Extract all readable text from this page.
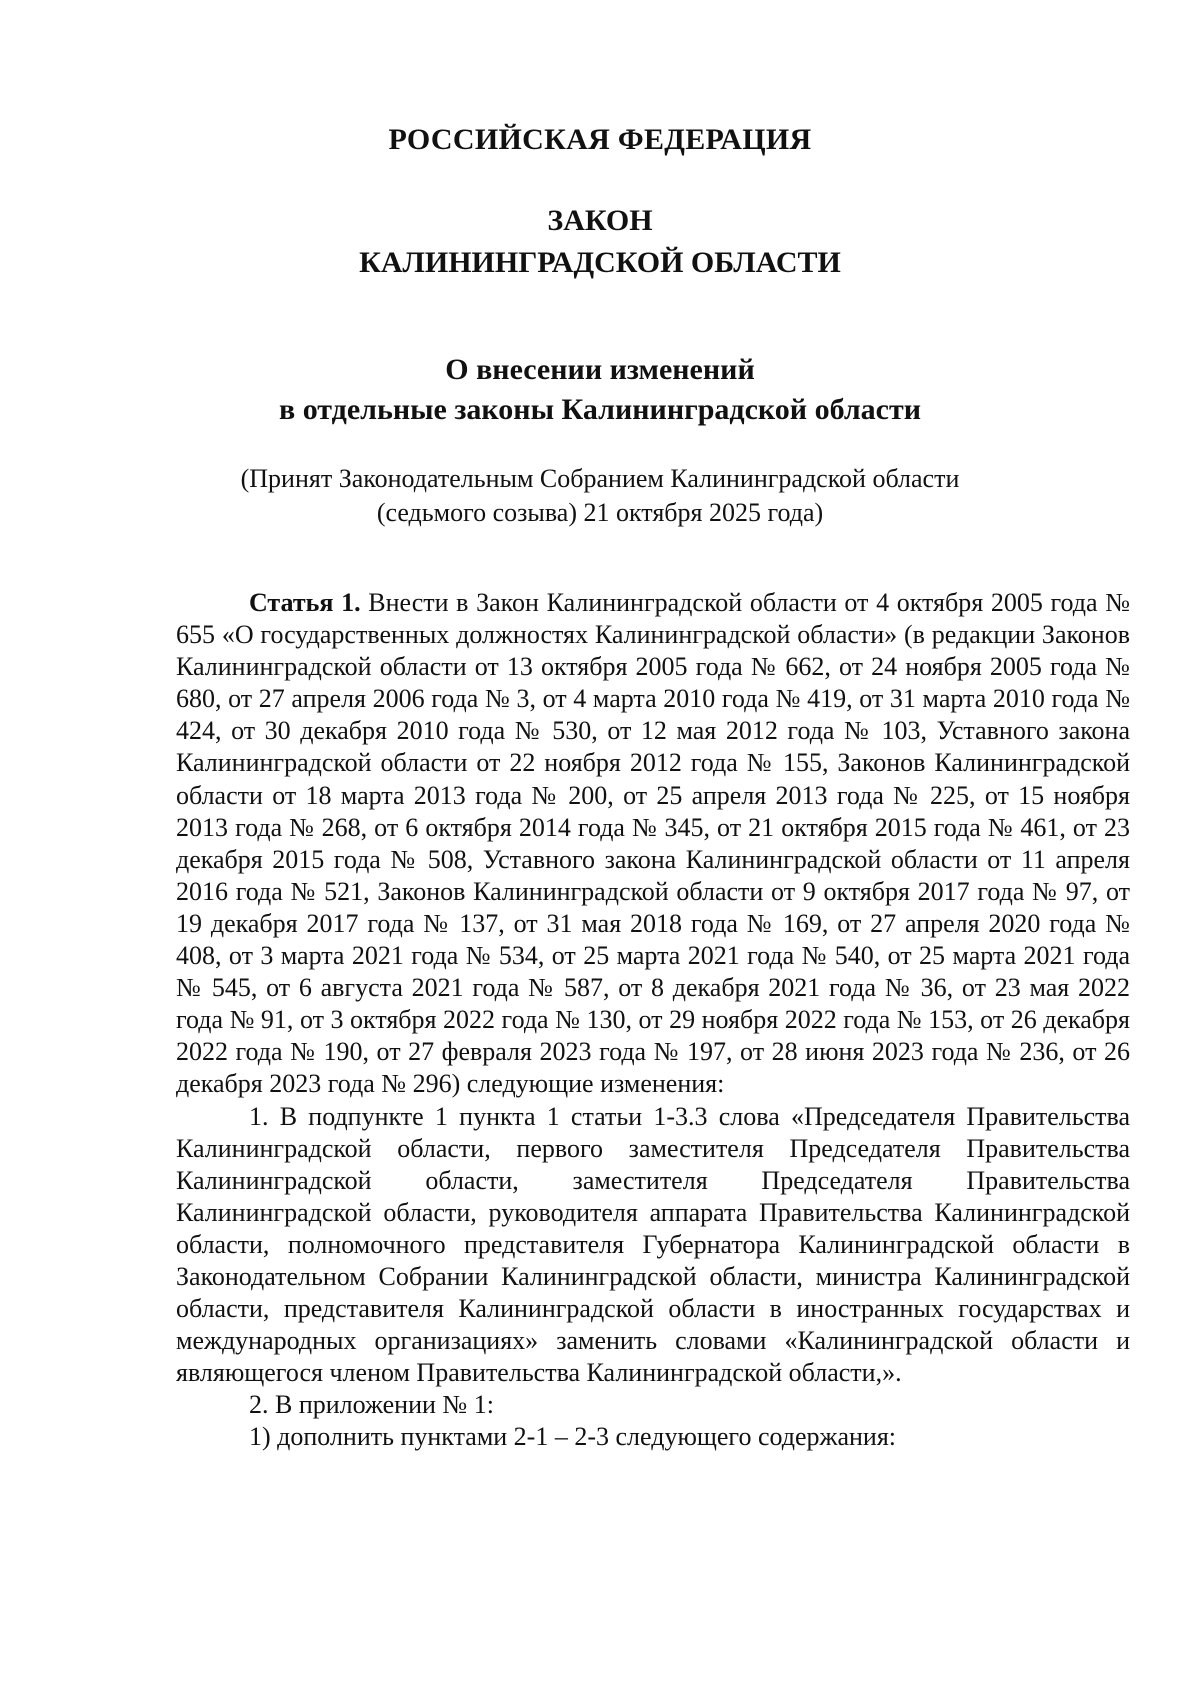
РОССИЙСКАЯ ФЕДЕРАЦИЯ
ЗАКОН
КАЛИНИНГРАДСКОЙ ОБЛАСТИ
О внесении изменений
в отдельные законы Калининградской области
(Принят Законодательным Собранием Калининградской области
(седьмого созыва) 21 октября 2025 года)

Статья 1. Внести в Закон Калининградской области от 4 октября 2005 года № 655 «О государственных должностях Калининградской области» (в редакции Законов Калининградской области от 13 октября 2005 года № 662, от 24 ноября 2005 года № 680, от 27 апреля 2006 года № 3, от 4 марта 2010 года № 419, от 31 марта 2010 года № 424, от 30 декабря 2010 года № 530, от 12 мая 2012 года № 103, Уставного закона Калининградской области от 22 ноября 2012 года № 155, Законов Калининградской области от 18 марта 2013 года № 200, от 25 апреля 2013 года № 225, от 15 ноября 2013 года № 268, от 6 октября 2014 года № 345, от 21 октября 2015 года № 461, от 23 декабря 2015 года № 508, Уставного закона Калининградской области от 11 апреля 2016 года № 521, Законов Калининградской области от 9 октября 2017 года № 97, от 19 декабря 2017 года № 137, от 31 мая 2018 года № 169, от 27 апреля 2020 года № 408, от 3 марта 2021 года № 534, от 25 марта 2021 года № 540, от 25 марта 2021 года № 545, от 6 августа 2021 года № 587, от 8 декабря 2021 года № 36, от 23 мая 2022 года № 91, от 3 октября 2022 года № 130, от 29 ноября 2022 года № 153, от 26 декабря 2022 года № 190, от 27 февраля 2023 года № 197, от 28 июня 2023 года № 236, от 26 декабря 2023 года № 296) следующие изменения:

1. В подпункте 1 пункта 1 статьи 1-3.3 слова «Председателя Правительства Калининградской области, первого заместителя Председателя Правительства Калининградской области, заместителя Председателя Правительства Калининградской области, руководителя аппарата Правительства Калининградской области, полномочного представителя Губернатора Калининградской области в Законодательном Собрании Калининградской области, министра Калининградской области, представителя Калининградской области в иностранных государствах и международных организациях» заменить словами «Калининградской области и являющегося членом Правительства Калининградской области,».

2. В приложении № 1:

1) дополнить пунктами 2-1 – 2-3 следующего содержания:
